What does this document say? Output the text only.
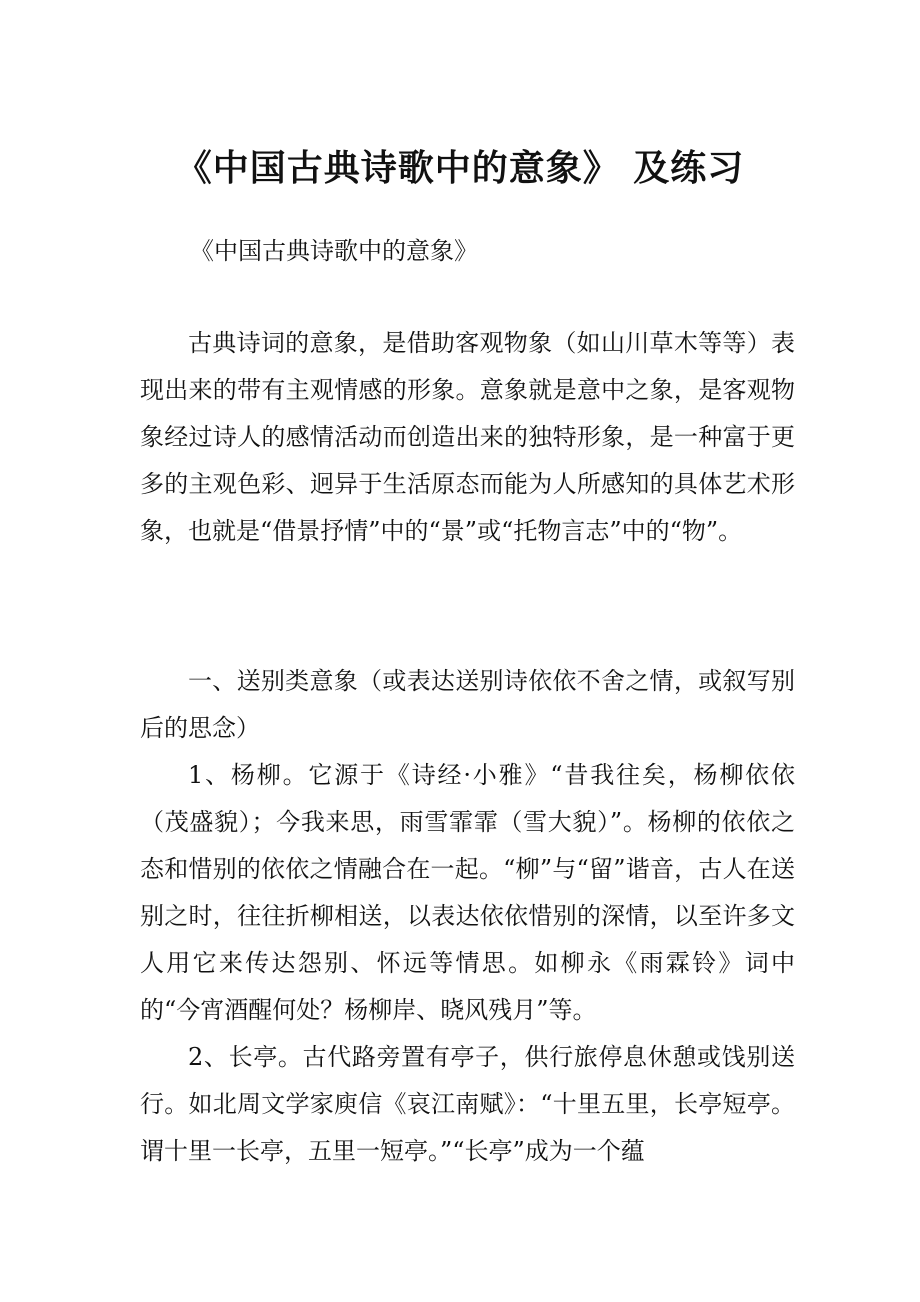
《中国古典诗歌中的意象》 及练习
《中国古典诗歌中的意象》

古典诗词的意象，是借助客观物象（如山川草木等等）表现出来的带有主观情感的形象。意象就是意中之象，是客观物象经过诗人的感情活动而创造出来的独特形象，是一种富于更多的主观色彩、迥异于生活原态而能为人所感知的具体艺术形象，也就是“借景抒情”中的“景”或“托物言志”中的“物”。

一、送别类意象（或表达送别诗依依不舍之情，或叙写别后的思念）

1、杨柳。它源于《诗经·小雅》“昔我往矣，杨柳依依（茂盛貌）；今我来思，雨雪霏霏（雪大貌）”。杨柳的依依之态和惜别的依依之情融合在一起。“柳”与“留”谐音，古人在送别之时，往往折柳相送，以表达依依惜别的深情，以至许多文人用它来传达怨别、怀远等情思。如柳永《雨霖铃》词中的“今宵酒醒何处？杨柳岸、晓风残月”等。

2、长亭。古代路旁置有亭子，供行旅停息休憩或饯别送行。如北周文学家庾信《哀江南赋》：“十里五里，长亭短亭。谓十里一长亭，五里一短亭。”“长亭”成为一个蕴
